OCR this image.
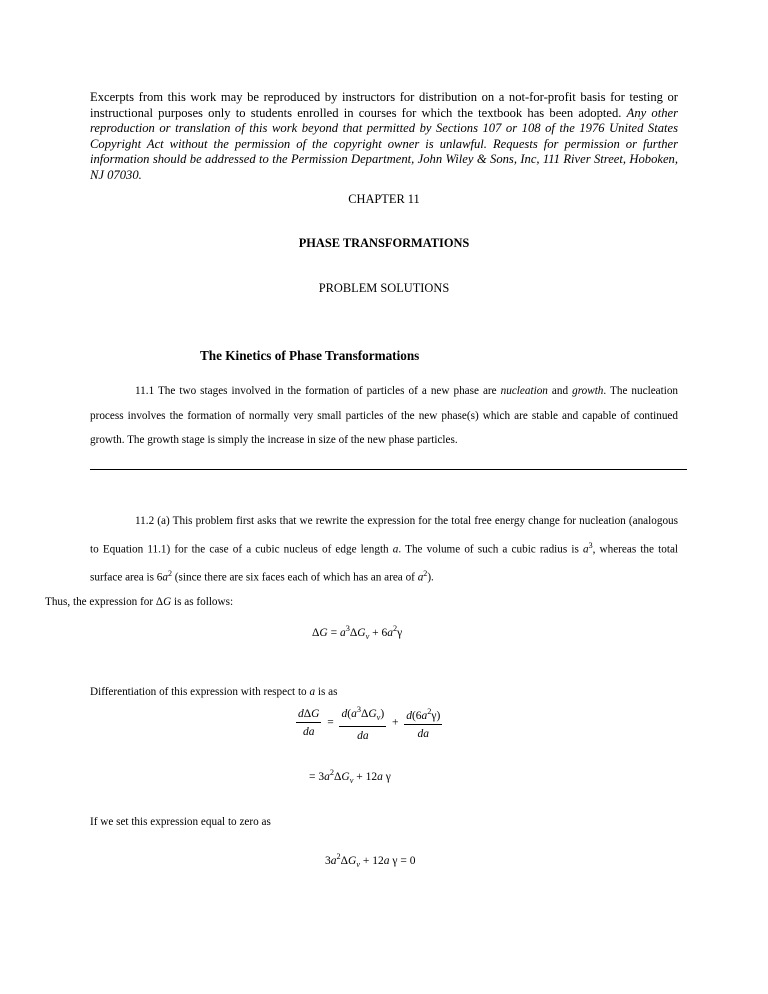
Excerpts from this work may be reproduced by instructors for distribution on a not-for-profit basis for testing or instructional purposes only to students enrolled in courses for which the textbook has been adopted. Any other reproduction or translation of this work beyond that permitted by Sections 107 or 108 of the 1976 United States Copyright Act without the permission of the copyright owner is unlawful. Requests for permission or further information should be addressed to the Permission Department, John Wiley & Sons, Inc, 111 River Street, Hoboken, NJ 07030.
CHAPTER 11
PHASE TRANSFORMATIONS
PROBLEM SOLUTIONS
The Kinetics of Phase Transformations
11.1 The two stages involved in the formation of particles of a new phase are nucleation and growth. The nucleation process involves the formation of normally very small particles of the new phase(s) which are stable and capable of continued growth. The growth stage is simply the increase in size of the new phase particles.
11.2 (a) This problem first asks that we rewrite the expression for the total free energy change for nucleation (analogous to Equation 11.1) for the case of a cubic nucleus of edge length a. The volume of such a cubic radius is $a^3$, whereas the total surface area is $6a^2$ (since there are six faces each of which has an area of $a^2$).
Thus, the expression for ΔG is as follows:
$\Delta G = a^3\Delta G_v + 6a^2\gamma$
Differentiation of this expression with respect to a is as
$\frac{\text{dΔG}}{da} = \frac{d(a^3\Delta G_v)}{da} + \frac{d(6a^2\gamma)}{da}$
= $3a^2\Delta G_v + 12a$ γ
If we set this expression equal to zero as
$3a^2\Delta G_v + 12a$ γ = 0
